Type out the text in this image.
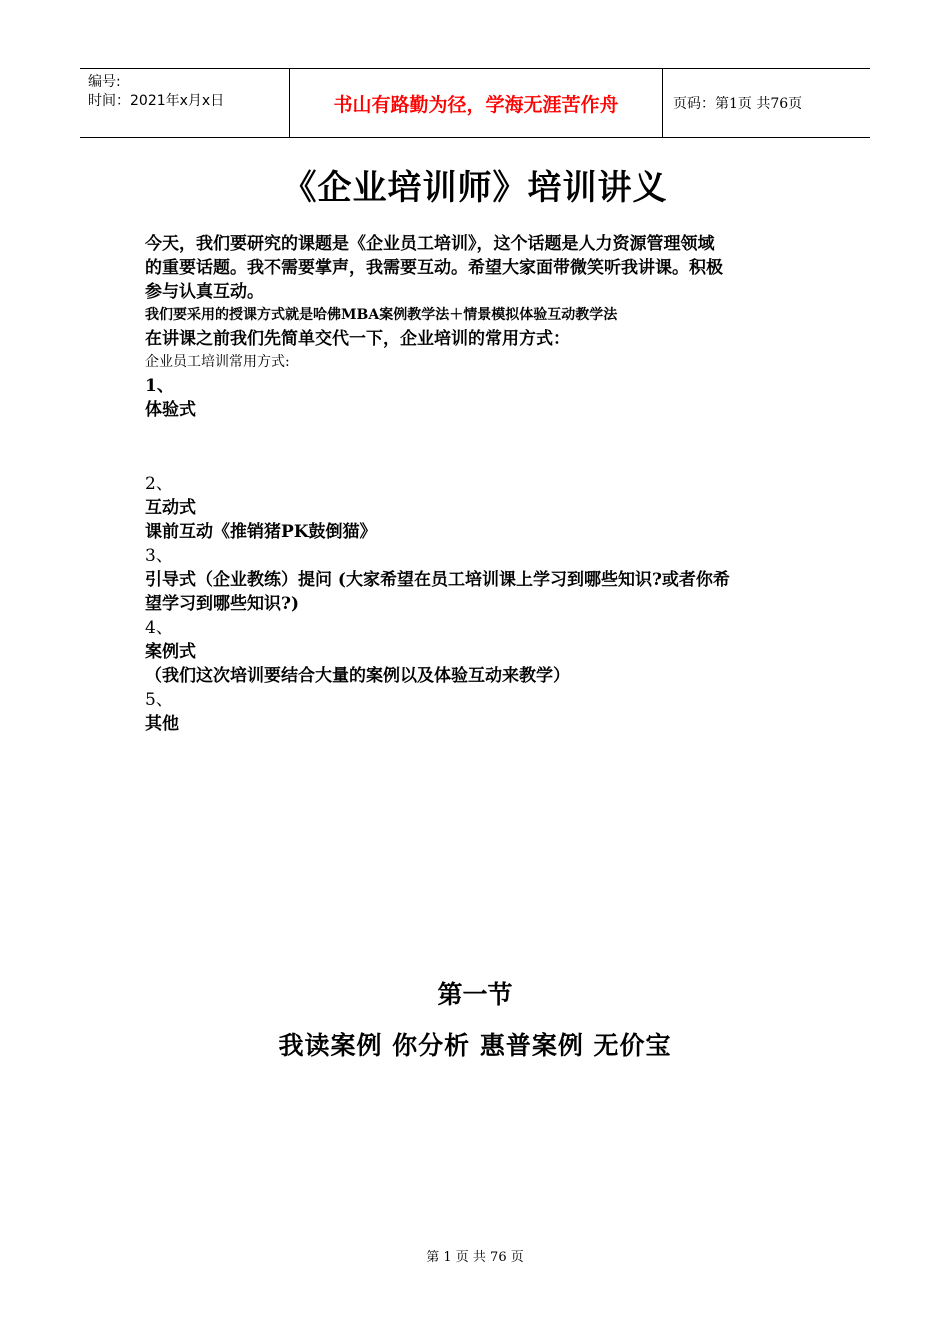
编号:
时间：2021年x月x日	书山有路勤为径，学海无涯苦作舟	页码：第1页 共76页
《企业培训师》培训讲义

今天，我们要研究的课题是《企业员工培训》，这个话题是人力资源管理领域

的重要话题。我不需要掌声，我需要互动。希望大家面带微笑听我讲课。积极

参与认真互动。

我们要采用的授课方式就是哈佛MBA案例教学法＋情景模拟体验互动教学法

在讲课之前我们先简单交代一下，企业培训的常用方式：

企业员工培训常用方式:

1、

体验式

2、

互动式

课前互动《推销猪PK鼓倒猫》

3、

引导式（企业教练）提问 (大家希望在员工培训课上学习到哪些知识?或者你希

望学习到哪些知识?)

4、

案例式

（我们这次培训要结合大量的案例以及体验互动来教学）

5、

其他

第一节
我读案例 你分析 惠普案例 无价宝
第 1 页 共 76 页
